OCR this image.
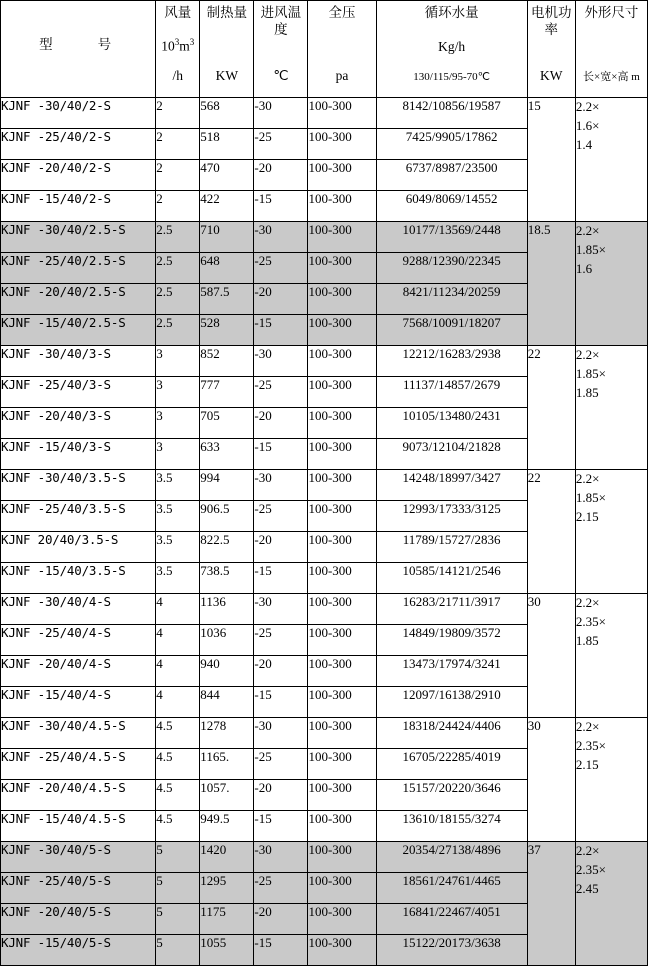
型　　号

风量
$10^3m^3$
/h

制热量
KW

进风温度
℃

全压
pa

循环水量
Kg/h
130/115/95-70℃

电机功率
KW

外形尺寸
长×宽×高 m

KJNF -30/40/2-S	2	568	-30	100-300	8142/10856/19587	15	2.2×
1.6×
1.4

KJNF -25/40/2-S	2	518	-25	100-300	7425/9905/17862		
KJNF -20/40/2-S	2	470	-20	100-300	6737/8987/23500		
KJNF -15/40/2-S	2	422	-15	100-300	6049/8069/14552		
KJNF -30/40/2.5-S	2.5	710	-30	100-300	10177/13569/2448	18.5	2.2×
1.85×
1.6

KJNF -25/40/2.5-S	2.5	648	-25	100-300	9288/12390/22345		
KJNF -20/40/2.5-S	2.5	587.5	-20	100-300	8421/11234/20259		
KJNF -15/40/2.5-S	2.5	528	-15	100-300	7568/10091/18207		
KJNF -30/40/3-S	3	852	-30	100-300	12212/16283/2938	22	2.2×
1.85×
1.85

KJNF -25/40/3-S	3	777	-25	100-300	11137/14857/2679		
KJNF -20/40/3-S	3	705	-20	100-300	10105/13480/2431		
KJNF -15/40/3-S	3	633	-15	100-300	9073/12104/21828		
KJNF -30/40/3.5-S	3.5	994	-30	100-300	14248/18997/3427	22	2.2×
1.85×
2.15

KJNF -25/40/3.5-S	3.5	906.5	-25	100-300	12993/17333/3125		
KJNF 20/40/3.5-S	3.5	822.5	-20	100-300	11789/15727/2836		
KJNF -15/40/3.5-S	3.5	738.5	-15	100-300	10585/14121/2546		
KJNF -30/40/4-S	4	1136	-30	100-300	16283/21711/3917	30	2.2×
2.35×
1.85

KJNF -25/40/4-S	4	1036	-25	100-300	14849/19809/3572		
KJNF -20/40/4-S	4	940	-20	100-300	13473/17974/3241		
KJNF -15/40/4-S	4	844	-15	100-300	12097/16138/2910		
KJNF -30/40/4.5-S	4.5	1278	-30	100-300	18318/24424/4406	30	2.2×
2.35×
2.15

KJNF -25/40/4.5-S	4.5	1165.	-25	100-300	16705/22285/4019		
KJNF -20/40/4.5-S	4.5	1057.	-20	100-300	15157/20220/3646		
KJNF -15/40/4.5-S	4.5	949.5	-15	100-300	13610/18155/3274		
KJNF -30/40/5-S	5	1420	-30	100-300	20354/27138/4896	37	2.2×
2.35×
2.45

KJNF -25/40/5-S	5	1295	-25	100-300	18561/24761/4465		
KJNF -20/40/5-S	5	1175	-20	100-300	16841/22467/4051		
KJNF -15/40/5-S	5	1055	-15	100-300	15122/20173/3638		
